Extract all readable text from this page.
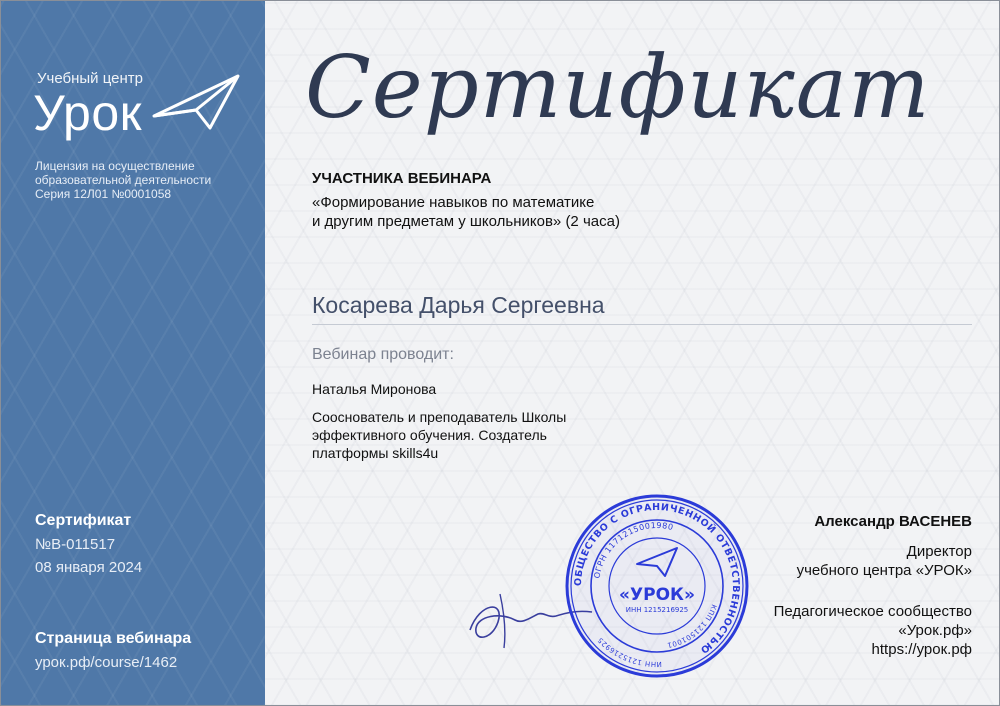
Учебный центр
Урок
Лицензия на осуществление
образовательной деятельности
Серия 12Л01 №0001058
Сертификат
№В-011517
08 января 2024
Страница вебинара
урок.рф/course/1462
Сертификат
УЧАСТНИКА ВЕБИНАРА
«Формирование навыков по математике
и другим предметам у школьников» (2 часа)
Косарева Дарья Сергеевна
Вебинар проводит:
Наталья Миронова
Сооснователь и преподаватель Школы
эффективного обучения. Создатель
платформы skills4u
ОБЩЕСТВО С ОГРАНИЧЕННОЙ ОТВЕТСТВЕННОСТЬЮ
ОГРН 1171215001980
КПП 121501001
ИНН 1215216925
«УРОК»
ИНН 1215216925
Александр ВАСЕНЕВ
Директор
учебного центра «УРОК»
Педагогическое сообщество
«Урок.рф»
https://урок.рф
